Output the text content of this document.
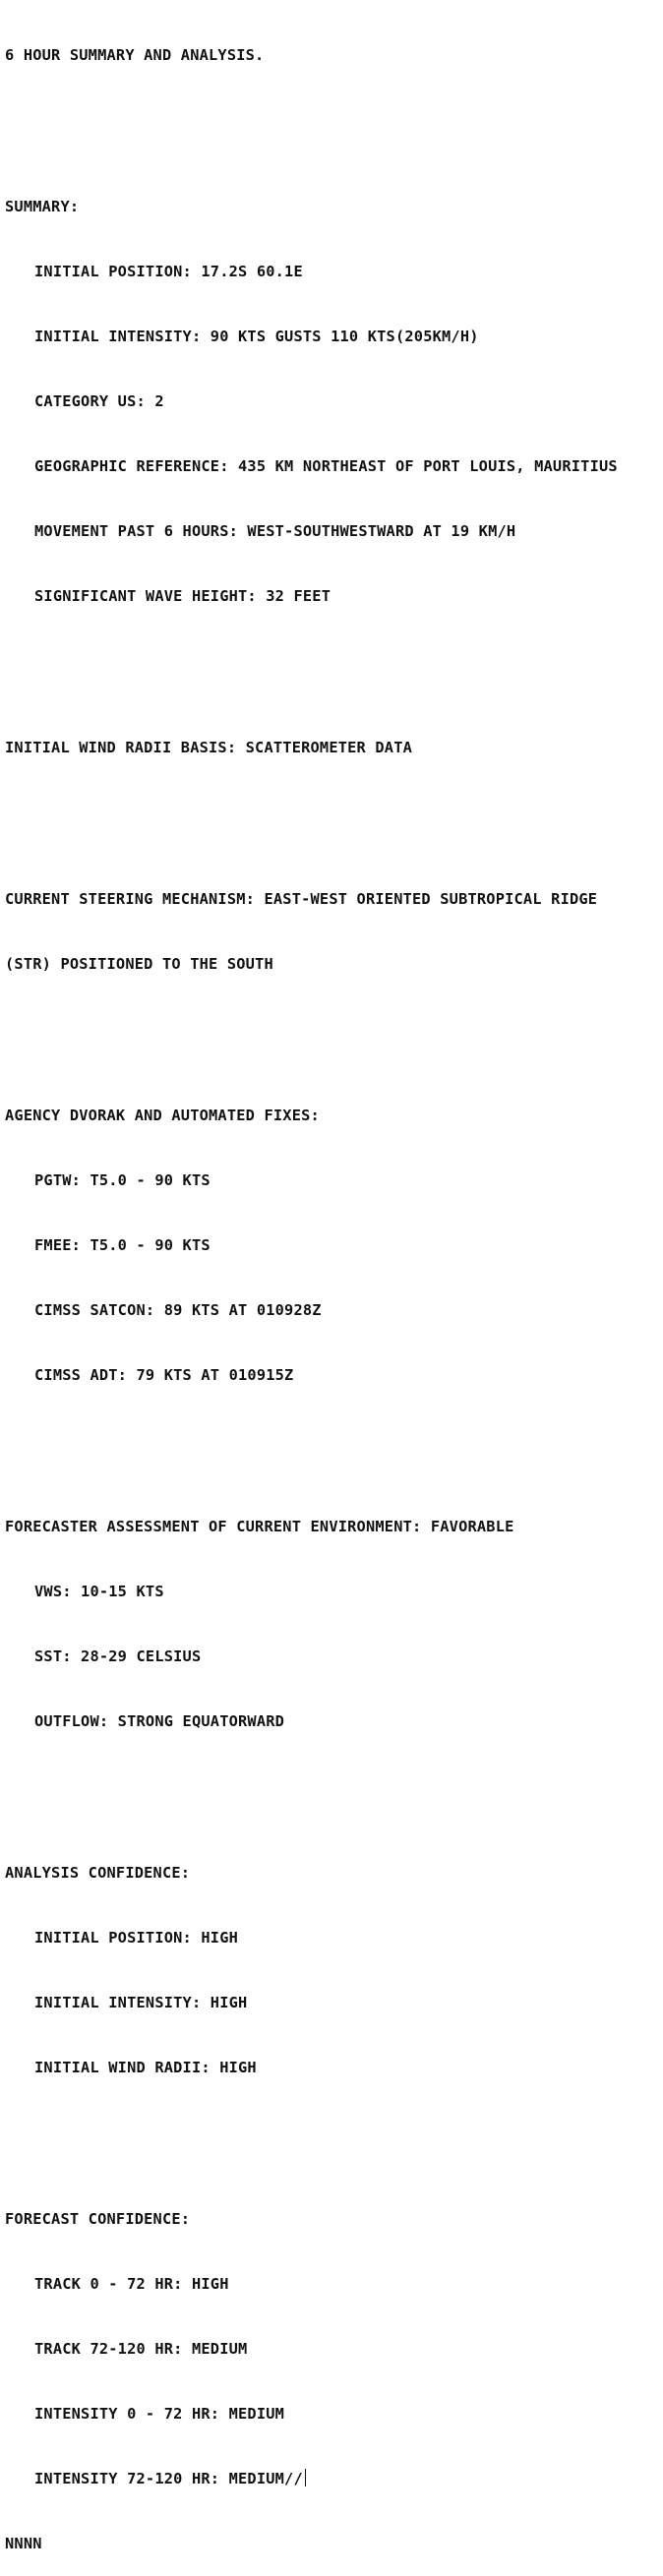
6 HOUR SUMMARY AND ANALYSIS.

SUMMARY:

INITIAL POSITION: 17.2S 60.1E

INITIAL INTENSITY: 90 KTS GUSTS 110 KTS(205KM/H)

CATEGORY US: 2

GEOGRAPHIC REFERENCE: 435 KM NORTHEAST OF PORT LOUIS, MAURITIUS

MOVEMENT PAST 6 HOURS: WEST-SOUTHWESTWARD AT 19 KM/H

SIGNIFICANT WAVE HEIGHT: 32 FEET

INITIAL WIND RADII BASIS: SCATTEROMETER DATA

CURRENT STEERING MECHANISM: EAST-WEST ORIENTED SUBTROPICAL RIDGE

(STR) POSITIONED TO THE SOUTH

AGENCY DVORAK AND AUTOMATED FIXES:

PGTW: T5.0 - 90 KTS

FMEE: T5.0 - 90 KTS

CIMSS SATCON: 89 KTS AT 010928Z

CIMSS ADT: 79 KTS AT 010915Z

FORECASTER ASSESSMENT OF CURRENT ENVIRONMENT: FAVORABLE

VWS: 10-15 KTS

SST: 28-29 CELSIUS

OUTFLOW: STRONG EQUATORWARD

ANALYSIS CONFIDENCE:

INITIAL POSITION: HIGH

INITIAL INTENSITY: HIGH

INITIAL WIND RADII: HIGH

FORECAST CONFIDENCE:

TRACK 0 - 72 HR: HIGH

TRACK 72-120 HR: MEDIUM

INTENSITY 0 - 72 HR: MEDIUM

INTENSITY 72-120 HR: MEDIUM//

NNNN
